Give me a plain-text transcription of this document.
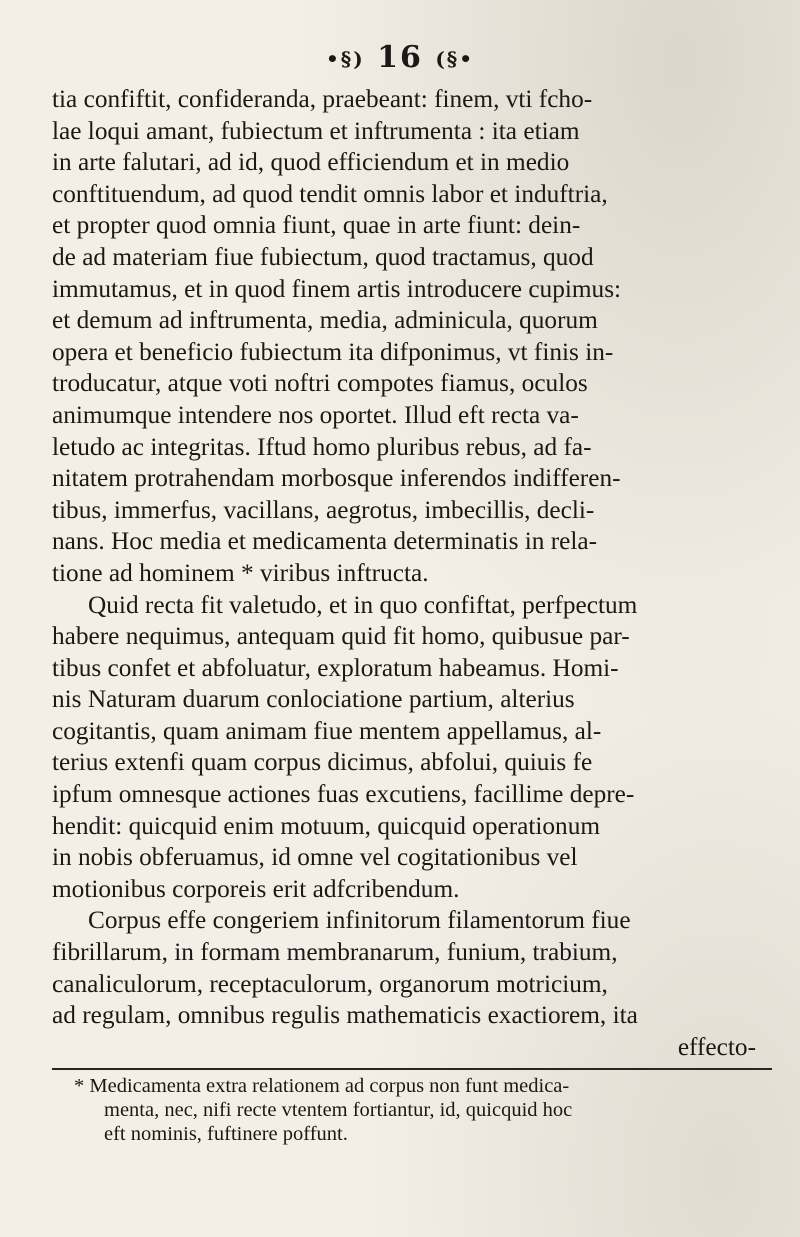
•§) 16 (§•
tia confiftit, confideranda, praebeant: finem, vti fcho-
lae loqui amant, fubiectum et inftrumenta : ita etiam
in arte falutari, ad id, quod efficiendum et in medio
conftituendum, ad quod tendit omnis labor et induftria,
et propter quod omnia fiunt, quae in arte fiunt: dein-
de ad materiam fiue fubiectum, quod tractamus, quod
immutamus, et in quod finem artis introducere cupimus:
et demum ad inftrumenta, media, adminicula, quorum
opera et beneficio fubiectum ita difponimus, vt finis in-
troducatur, atque voti noftri compotes fiamus, oculos
animumque intendere nos oportet. Illud eft recta va-
letudo ac integritas. Iftud homo pluribus rebus, ad fa-
nitatem protrahendam morbosque inferendos indifferen-
tibus, immerfus, vacillans, aegrotus, imbecillis, decli-
nans. Hoc media et medicamenta determinatis in rela-
tione ad hominem * viribus inftructa.
Quid recta fit valetudo, et in quo confiftat, perfpectum
habere nequimus, antequam quid fit homo, quibusue par-
tibus confet et abfoluatur, exploratum habeamus. Homi-
nis Naturam duarum conlociatione partium, alterius
cogitantis, quam animam fiue mentem appellamus, al-
terius extenfi quam corpus dicimus, abfolui, quiuis fe
ipfum omnesque actiones fuas excutiens, facillime depre-
hendit: quicquid enim motuum, quicquid operationum
in nobis obferuamus, id omne vel cogitationibus vel
motionibus corporeis erit adfcribendum.
Corpus effe congeriem infinitorum filamentorum fiue
fibrillarum, in formam membranarum, funium, trabium,
canaliculorum, receptaculorum, organorum motricium,
ad regulam, omnibus regulis mathematicis exactiorem, ita
effecto-
* Medicamenta extra relationem ad corpus non funt medica-
menta, nec, nifi recte vtentem fortiantur, id, quicquid hoc
eft nominis, fuftinere poffunt.
